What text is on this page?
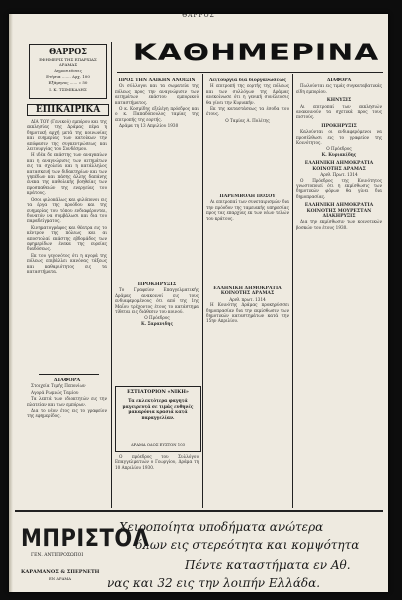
ΘΑΡΡΟΣ
ΘΑΡΡΟΣ
ΕΦΗΜΕΡΙΣ ΤΗΣ ΕΠΑΡΧΙΑΣ
ΔΡΑΜΑΣ
Δημοσιεύσεις
Ετήσια ....... Δρχ. 100
Εξάμηνος ...... » 50
Ι. Κ. ΤΣΙΜΙΚΑΛΗΣ
ΕΠΙΚΑΙΡΙΚΑ

ΔΙΑ ΤΟΥ (Γενικού) εμπόρου και της εκκλησίας της Δράμας πέρα η δημοτική αρχή μετά της κοινωνίας και ευημερίας των κατοίκων την απόφασιν της συγκεντρώσεως και λειτουργίας του Συνδέσμου.

Η ιδέα δε εκάστης των αναγκαίων και η αναγνώρισις των αιτημάτων εις τα σχολεία και η κατάλληλος κατασκευή των διδακτηρίων και των γηπέδων και πάσης άλλης δαπάνης ένεκα της καθολικής βοηθείας των προσπαθειών της ενεργείας του κράτους.

Οσοι φιλοκάλως και φιλόπονοι εις τα έργα της προόδου και της ευημερίας του τόπου ενδιαφέρονται, δυνατόν να συμβάλωσι και δια του παραδείγματος.

Κινηματογράφος και θέατρα εις το κέντρον της πόλεως και αι αποστολαί εκάστης εβδομάδος των εφημερίδων ένεκα της ευρείας διαδόσεως.

Εκ του γεγονότος ότι η αγορά της πόλεως επιβάλλει κανόνας τάξεως και καθαριότητος εις τα καταστήματα.

ΔΙΑΦΟΡΑ

Στοιχεία Τιμής Πεπονίων

Αγορά Ρωμιώς Ταμίου

Τα λεπτά των ιδιοκτητών εις την πλατείαν και των εμπόρων.

Δια το νέον έτος εις το γραφείον της εφημερίδος.

ΚΑΘΗΜΕΡΙΝΑ
ΠΡΟΣ ΤΗΝ ΛΑΪΚΗΝ ΑΝΟΙΞΙΝ

Οι σύλλογοι και τα σωματεία της πόλεως προς την αναγνώρισιν των αιτημάτων εκάστου εμπορικού καταστήματος.

Ο κ. Κοσμίδης εξελέγη πρόεδρος και ο κ. Παπαδόπουλος ταμίας της επιτροπής της εορτής.

Δράμα τη 13 Απριλίου 1930

ΠΡΟΚΗΡΥΞΙΣ

Το Γραφείον Επαγγελματικής Δράμας ανακοινοί εις τους ενδιαφερομένους ότι από της 1ης Μαΐου τρέχοντος έτους το κατάστημα τίθεται εις διάθεσιν του κοινού.

Ο Πρόεδρος
Κ. Σαρανιδης
ΕΣΤΙΑΤΟΡΙΟΝ «ΝΙΚΗ»
Τα εκλεκτότερα φαγητά μαγειρευτά σε τιμάς ευθηνές μακαρόνια κρασιά κατά παραγγελίαν.
ΔΡΑΜΑ ΟΔΟΣ ΕΥΣΤΟΝ 103

Ο πρόεδρος του Συλλόγου Επαγγελματιών ο Γεωργίου, Δράμα τη 10 Απριλίου 1930.

Λειτουργία δια διοργανώσεως

Η επιτροπή της εορτής της πόλεως και των συλλόγων της Δράμας ανεκοίνωσε ότι η γενική συνέλευσις θα γίνει την Κυριακήν.

Εκ της καταστάσεως τα έσοδα του έτους.

Ο Ταμίας Α. Πολίτης
ΠΑΡΕΜΒΟΛΗ ΠΟΣΟΥ

Αι επιτροπαί των συνεταιρισμών δια την πρόοδον της ταμειακής υπηρεσίας προς τας επαρχίας εκ των νέων τελών του κράτους.

ΕΛΛΗΝΙΚΗ ΔΗΜΟΚΡΑΤΙΑ ΚΟΙΝΟΤΗΣ ΔΡΑΜΑΣ
Αριθ. πρωτ. 1314

Η Κοινότης Δράμας προκηρύσσει δημοπρασίαν δια την εκμίσθωσιν των δημοτικών καταστημάτων κατά την 15ην Απριλίου.

ΔΙΑΦΟΡΑ

Πωλούνται εις τιμάς συγκαταβατικάς είδη εμπορίου.

ΚΗΝΥΞΙΣ

Αι επιτροπαί των εκκλησιών ανακοινούν τα σχετικά προς τους πιστούς.

ΠΡΟΚΗΡΥΞΙΣ

Καλούνται οι ενδιαφερόμενοι να προσέλθωσι εις το γραφείον της Κοινότητος.

Ο Πρόεδρος
Κ. Κυριακίδης
ΕΛΛΗΝΙΚΗ ΔΗΜΟΚΡΑΤΙΑ ΚΟΙΝΟΤΗΣ ΔΡΑΜΑΣ
Αριθ. Πρωτ. 1314

Ο Πρόεδρος της Κοινότητος γνωστοποιεί ότι η εκμίσθωσις των δημοτικών φόρων θα γίνει δια δημοπρασίας.

ΕΛΛΗΝΙΚΗ ΔΗΜΟΚΡΑΤΙΑ ΚΟΙΝΟΤΗΣ ΜΟΥΡΕΣΤΑΝ
ΔΙΑΚΗΡΥΞΙΣ

Δια την εκμίσθωσιν των κοινοτικών βοσκών του έτους 1930.

ΜΠΡΙΣΤΟΛ
ΓΕΝ. ΑΝΤΙΠΡΟΣΩΠΟΙ
ΚΑΡΑΜΑΝΟΣ & ΣΠΕΡΝΕΤΗ
ΕΝ ΔΡΑΜΑ
Χειροποίητα υποδήματα ανώτερα
όλων εις στερεότητα και κομψότητα
Πέντε καταστήματα εν Αθ.
νας και 32 εις την λοιπήν Ελλάδα.
